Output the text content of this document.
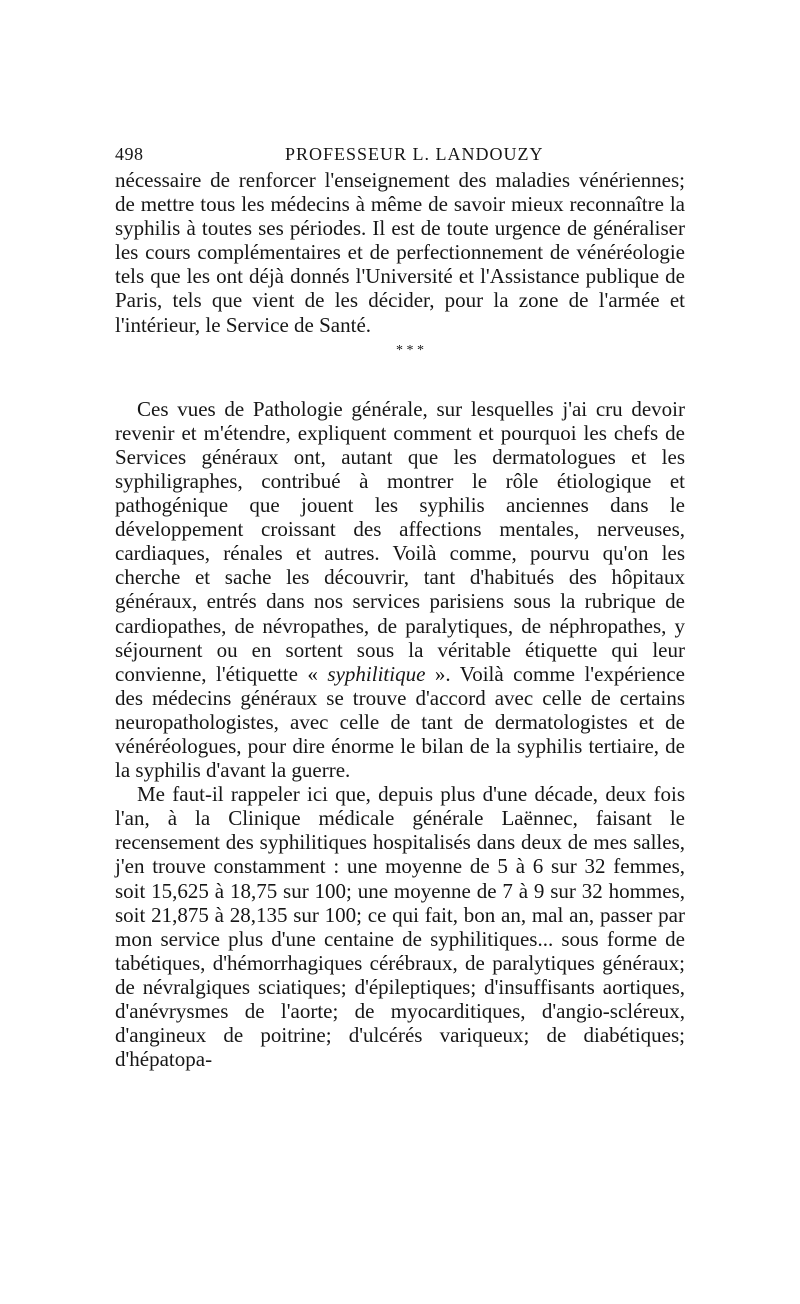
498	PROFESSEUR L. LANDOUZY

nécessaire de renforcer l'enseignement des maladies vénériennes; de mettre tous les médecins à même de savoir mieux reconnaître la syphilis à toutes ses périodes. Il est de toute urgence de généraliser les cours complémentaires et de perfectionnement de vénéréologie tels que les ont déjà donnés l'Université et l'Assistance publique de Paris, tels que vient de les décider, pour la zone de l'armée et l'intérieur, le Service de Santé.

* * *

Ces vues de Pathologie générale, sur lesquelles j'ai cru devoir revenir et m'étendre, expliquent comment et pourquoi les chefs de Services généraux ont, autant que les dermatologues et les syphiligraphes, contribué à montrer le rôle étiologique et pathogénique que jouent les syphilis anciennes dans le développement croissant des affections mentales, nerveuses, cardiaques, rénales et autres. Voilà comme, pourvu qu'on les cherche et sache les découvrir, tant d'habitués des hôpitaux généraux, entrés dans nos services parisiens sous la rubrique de cardiopathes, de névropathes, de paralytiques, de néphropathes, y séjournent ou en sortent sous la véritable étiquette qui leur convienne, l'étiquette « syphilitique ». Voilà comme l'expérience des médecins généraux se trouve d'accord avec celle de certains neuropathologistes, avec celle de tant de dermatologistes et de vénéréologues, pour dire énorme le bilan de la syphilis tertiaire, de la syphilis d'avant la guerre.

Me faut-il rappeler ici que, depuis plus d'une décade, deux fois l'an, à la Clinique médicale générale Laënnec, faisant le recensement des syphilitiques hospitalisés dans deux de mes salles, j'en trouve constamment : une moyenne de 5 à 6 sur 32 femmes, soit 15,625 à 18,75 sur 100; une moyenne de 7 à 9 sur 32 hommes, soit 21,875 à 28,135 sur 100; ce qui fait, bon an, mal an, passer par mon service plus d'une centaine de syphilitiques... sous forme de tabétiques, d'hémorrhagiques cérébraux, de paralytiques généraux; de névralgiques sciatiques; d'épileptiques; d'insuffisants aortiques, d'anévrysmes de l'aorte; de myocarditiques, d'angio-scléreux, d'angineux de poitrine; d'ulcérés variqueux; de diabétiques; d'hépatopa-
